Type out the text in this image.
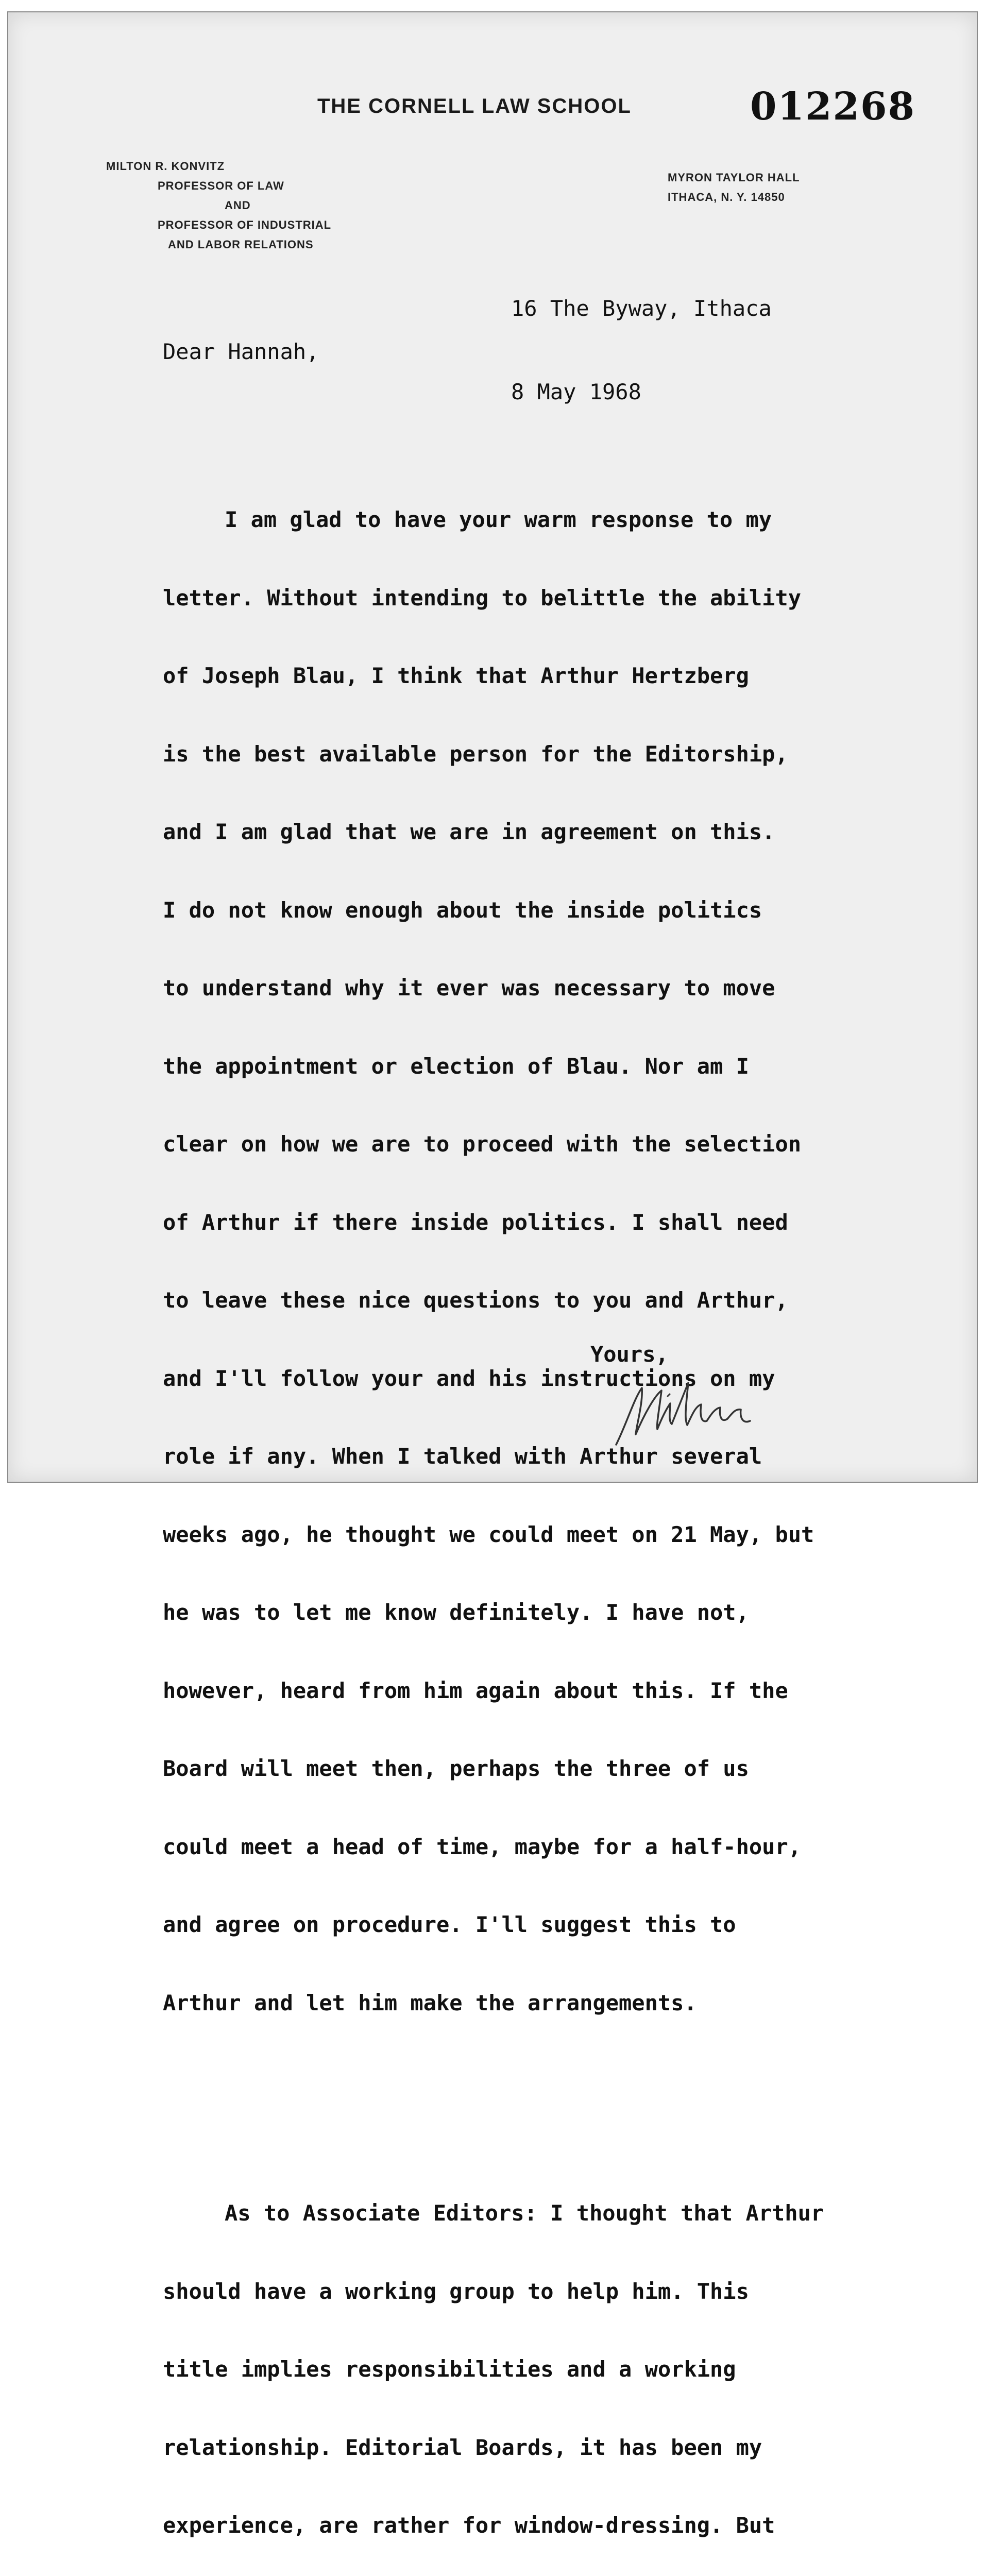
THE CORNELL LAW SCHOOL	012268
MILTON R. KONVITZ
PROFESSOR OF LAW
AND
PROFESSOR OF INDUSTRIAL
AND LABOR RELATIONS
MYRON TAYLOR HALL
ITHACA, N. Y. 14850

16 The Byway, Ithaca

8 May 1968

Dear Hannah,

I am glad to have your warm response to my

letter. Without intending to belittle the ability

of Joseph Blau, I think that Arthur Hertzberg

is the best available person for the Editorship,

and I am glad that we are in agreement on this.

I do not know enough about the inside politics

to understand why it ever was necessary to move

the appointment or election of Blau. Nor am I

clear on how we are to proceed with the selection

of Arthur if there inside politics. I shall need

to leave these nice questions to you and Arthur,

and I'll follow your and his instructions on my

role if any. When I talked with Arthur several

weeks ago, he thought we could meet on 21 May, but

he was to let me know definitely. I have not,

however, heard from him again about this. If the

Board will meet then, perhaps the three of us

could meet a head of time, maybe for a half-hour,

and agree on procedure. I'll suggest this to

Arthur and let him make the arrangements.

As to Associate Editors: I thought that Arthur

should have a working group to help him. This

title implies responsibilities and a working

relationship. Editorial Boards, it has been my

experience, are rather for window-dressing. But

Yours,
